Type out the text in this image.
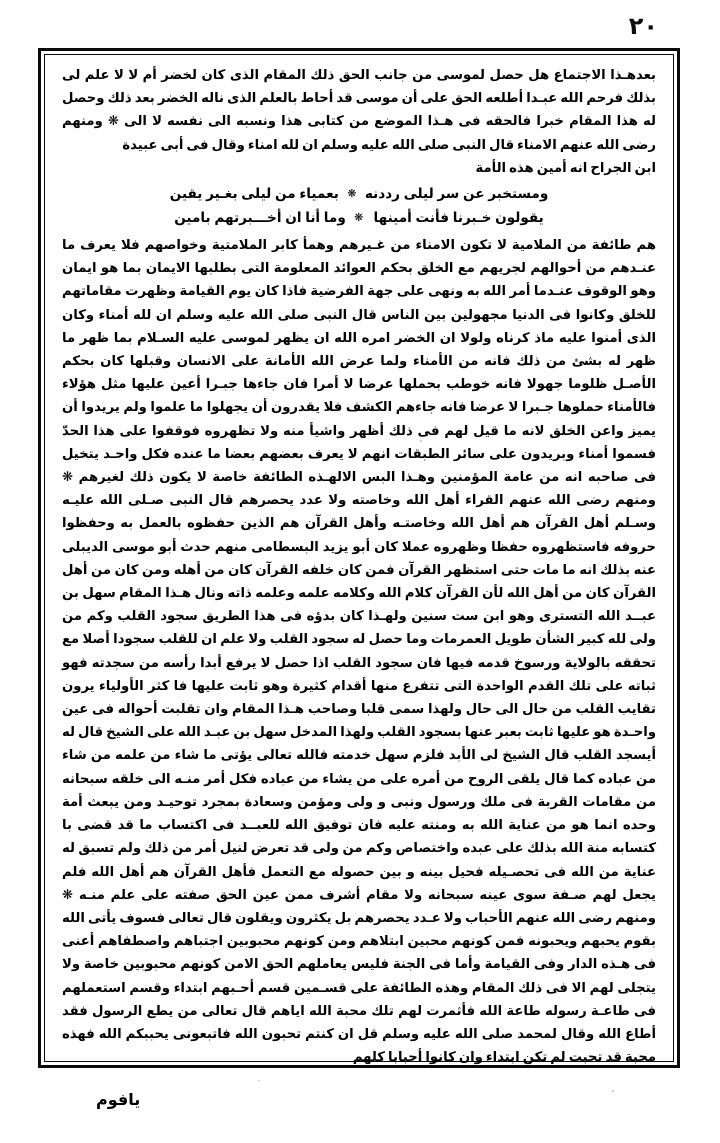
٢٠
بعدهـذا الاجتماع هل حصل لموسى من جانب الحق ذلك المقام الذى كان لخضر أم لا لا علم لى بذلك فرحم الله عبـدا أطلعه الحق على أن موسى قد أحاط بالعلم الذى ناله الخضر بعد ذلك وحصل له هذا المقام خبرا فالحقه فى هـذا الموضع من كتابى هذا ونسبه الى نفسه لا الى ❋ ومنهم رضى الله عنهم الامناء قال النبى صلى الله عليه وسلم ان لله امناء وقال فى أبى عبيدة
ابن الجراح انه أمين هذه الأمة
ومستخبر عن سر ليلى رددنه❋بعمياء من ليلى بغـير يقين
يقولون خـبرنا فأنت أمينها❋وما أنا ان أخـــبرتهم بامين
هم طائفة من الملامية لا تكون الامناء من غـيرهم وهمأ كابر الملامتية وخواصهم فلا يعرف ما عنـدهم من أحوالهم لجريهم مع الخلق بحكم العوائد المعلومة التى بطلبها الايمان بما هو ايمان وهو الوقوف عنـدما أمر الله به ونهى على جهة الفرضية فاذا كان يوم القيامة وظهرت مقاماتهم للخلق وكانوا فى الدنيا مجهولين بين الناس قال النبى صلى الله عليه وسلم ان لله أمناء وكان الذى أمنوا عليه ماذ كرناه ولولا ان الخضر امره الله ان يظهر لموسى عليه السـلام بما ظهر ما ظهر له بشئ من ذلك فانه من الأمناء ولما عرض الله الأمانة على الانسان وقبلها كان بحكم الأصـل ظلوما جهولا فانه خوطب بحملها عرضا لا أمرا فان جاءها جبـرا أعين عليها مثل هؤلاء فالأمناء حملوها جـبرا لا عرضا فانه جاءهم الكشف فلا يقدرون أن يجهلوا ما علموا ولم يريدوا أن يميز واعن الخلق لانه ما قيل لهم فى ذلك أظهر واشيأ منه ولا تظهروه فوقفوا على هذا الحدّ فسموا أمناء وبريدون على سائر الطبقات انهم لا يعرف بعضهم بعضا ما عنده فكل واحـد يتخيل فى صاحبه انه من عامة المؤمنين وهـذا البس الالهـذه الطائفة خاصة لا يكون ذلك لغيرهم ❋ ومنهم رضى الله عنهم القراء أهل الله وخاصته ولا عدد يحصرهم قال النبى صـلى الله عليـه وسـلم أهل القرآن هم أهل الله وخاصتـه وأهل القرآن هم الذين حفظوه بالعمل به وحفظوا حروفه فاستظهروه حفظا وظهروه عملا كان أبو يزيد البسطامى منهم حدث أبو موسى الديبلى عنه بذلك انه ما مات حتى استظهر القرآن فمن كان خلفه القرآن كان من أهله ومن كان من أهل القرآن كان من أهل الله لأن القرآن كلام الله وكلامه علمه وعلمه ذاته ونال هـذا المقام سهل بن عبــد الله التسترى وهو ابن ست سنين ولهـذا كان بدؤه فى هذا الطريق سجود القلب وكم من ولى لله كبير الشأن طويل العمرمات وما حصل له سجود القلب ولا علم ان للقلب سجودا أصلا مع تحققه بالولاية ورسوخ قدمه فيها فان سجود القلب اذا حصل لا يرفع أبدا رأسه من سجدته فهو ثباته على تلك القدم الواحدة التى تتفرع منها أقدام كثيرة وهو ثابت عليها فا كثر الأولياء يرون تقايب القلب من حال الى حال ولهذا سمى قلبا وصاحب هـذا المقام وان تقلبت أحواله فى عين واحـدة هو عليها ثابت بعبر عنها بسجود القلب ولهذا المدخل سهل بن عبـد الله على الشيخ قال له أيسجد القلب قال الشيخ لى الأبد فلزم سهل خدمته فالله تعالى يؤتى ما شاء من علمه من شاء من عباده كما قال يلقى الروح من أمره على من يشاء من عباده فكل أمر منـه الى خلقه سبحانه من مقامات القربة فى ملك ورسول ونبى و ولى ومؤمن وسعادة بمجرد توحيـد ومن يبعث أمة وحده انما هو من عناية الله به ومنته عليه فان توفيق الله للعبــد فى اكتساب ما قد قضى با كتسابه منة الله بذلك على عبده واختصاص وكم من ولى قد تعرض لنيل أمر من ذلك ولم تسبق له عناية من الله فى تحصـيله فحيل بينه و بين حصوله مع التعمل فأهل القرآن هم أهل الله فلم يجعل لهم صـفة سوى عينه سبحانه ولا مقام أشرف ممن عين الحق صفته على علم منـه ❋ ومنهم رضى الله عنهم الأحباب ولا عـدد يحصرهم بل يكثرون ويقلون قال تعالى فسوف يأتى الله بقوم يحبهم ويحبونه فمن كونهم محبين ابتلاهم ومن كونهم محبوبين اجتباهم واصطفاهم أعنى فى هـذه الدار وفى القيامة وأما فى الجنة فليس يعاملهم الحق الامن كونهم محبوبين خاصة ولا يتجلى لهم الا فى ذلك المقام وهذه الطائفة على قسـمين قسم أحـبهم ابتداء وقسم استعملهم فى طاعـة رسوله طاعة الله فأثمرت لهم تلك محبة الله اياهم قال تعالى من يطع الرسول فقد أطاع الله وقال لمحمد صلى الله عليه وسلم قل ان كنتم تحبون الله فاتبعونى يحببكم الله فهذه محبة قد تحبت لم تكن ابتداء وان كانوا أحبابا كلهم
يافوم
